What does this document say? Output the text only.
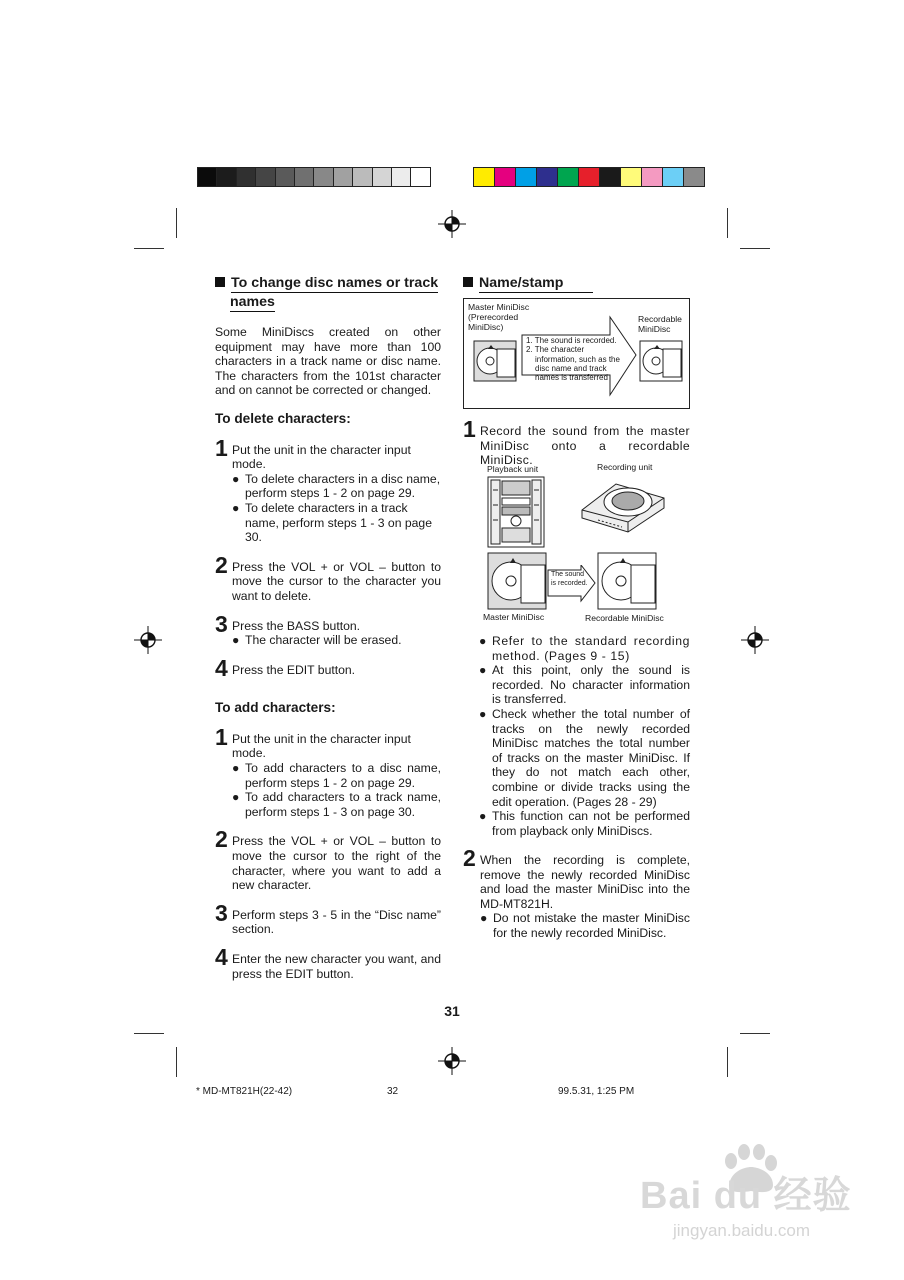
To change disc names or track
names
Some MiniDiscs created on other equipment may have more than 100 characters in a track name or disc name. The characters from the 101st character and on cannot be corrected or changed.
To delete characters:
1 Put the unit in the character input mode.
● To delete characters in a disc name, perform steps 1 - 2 on page 29.
● To delete characters in a track name, perform steps 1 - 3 on page 30.
2 Press the VOL + or VOL – button to move the cursor to the character you want to delete.
3 Press the BASS button.
● The character will be erased.
4 Press the EDIT button.
To add characters:
1 Put the unit in the character input mode.
● To add characters to a disc name, perform steps 1 - 2 on page 29.
● To add characters to a track name, perform steps 1 - 3 on page 30.
2 Press the VOL + or VOL – button to move the cursor to the right of the character, where you want to add a new character.
3 Perform steps 3 - 5 in the “Disc name” section.
4 Enter the new character you want, and press the EDIT button.
Name/stamp
Master MiniDisc
(Prerecorded
MiniDisc)
Recordable
MiniDisc
1. The sound is recorded.
2. The character
information, such as the
disc name and track
names is transferred
1 Record the sound from the master MiniDisc onto a recordable MiniDisc.
Playback unit	Recording unit
The sound
is recorded.
Master MiniDisc	Recordable MiniDisc
● Refer to the standard recording method. (Pages 9 - 15)
● At this point, only the sound is recorded. No character information is transferred.
● Check whether the total number of tracks on the newly recorded MiniDisc matches the total number of tracks on the master MiniDisc. If they do not match each other, combine or divide tracks using the edit operation. (Pages 28 - 29)
● This function can not be performed from playback only MiniDiscs.
2 When the recording is complete, remove the newly recorded MiniDisc and load the master MiniDisc into the MD-MT821H.
● Do not mistake the master MiniDisc for the newly recorded MiniDisc.
31
* MD-MT821H(22-42)	32	99.5.31, 1:25 PM
Bai du 经验
jingyan.baidu.com
